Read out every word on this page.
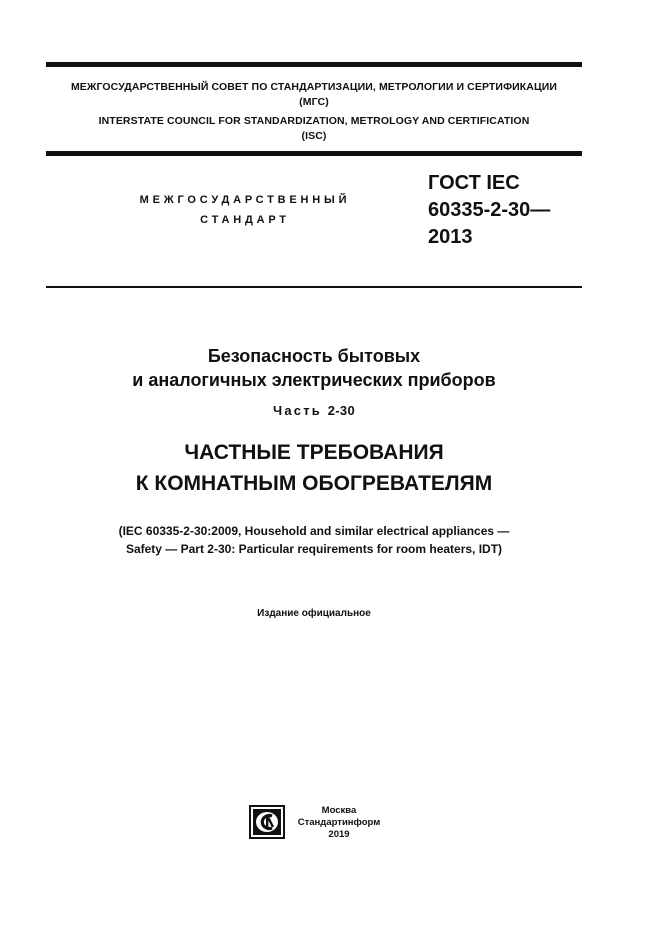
МЕЖГОСУДАРСТВЕННЫЙ СОВЕТ ПО СТАНДАРТИЗАЦИИ, МЕТРОЛОГИИ И СЕРТИФИКАЦИИ
(МГС)
INTERSTATE COUNCIL FOR STANDARDIZATION, METROLOGY AND CERTIFICATION
(ISC)
МЕЖГОСУДАРСТВЕННЫЙ
СТАНДАРТ
ГОСТ IEC
60335-2-30—
2013
Безопасность бытовых
и аналогичных электрических приборов
Часть 2-30
ЧАСТНЫЕ ТРЕБОВАНИЯ
К КОМНАТНЫМ ОБОГРЕВАТЕЛЯМ
(IEC 60335-2-30:2009, Household and similar electrical appliances —
Safety — Part 2-30: Particular requirements for room heaters, IDT)
Издание официальное
Москва
Стандартинформ
2019
